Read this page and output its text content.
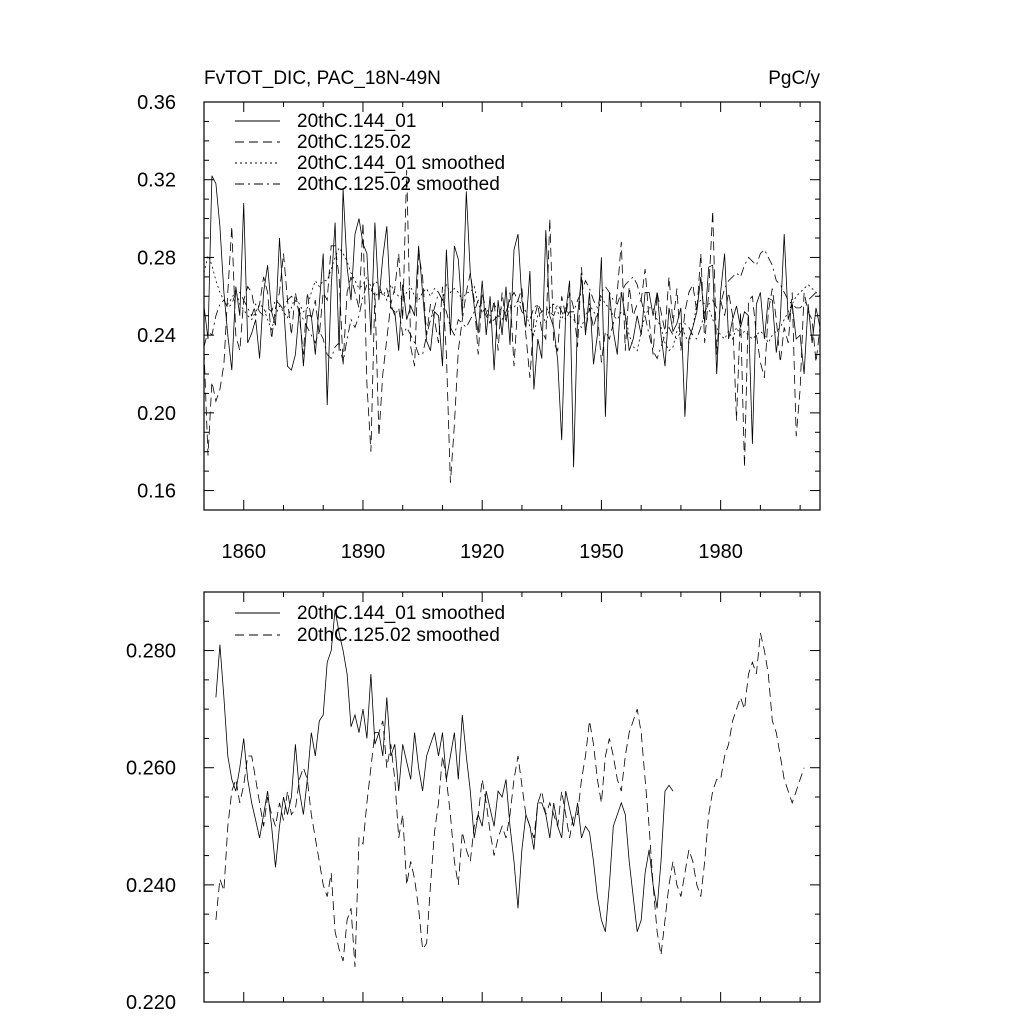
FvTOT_DIC, PAC_18N-49N	PgC/y
0.16
0.20
0.24
0.28
0.32
0.36
1860	1890	1920	1950	1980
20thC.144_01
20thC.125.02
20thC.144_01 smoothed
20thC.125.02 smoothed
0.220
0.240
0.260
0.280
20thC.144_01 smoothed
20thC.125.02 smoothed
